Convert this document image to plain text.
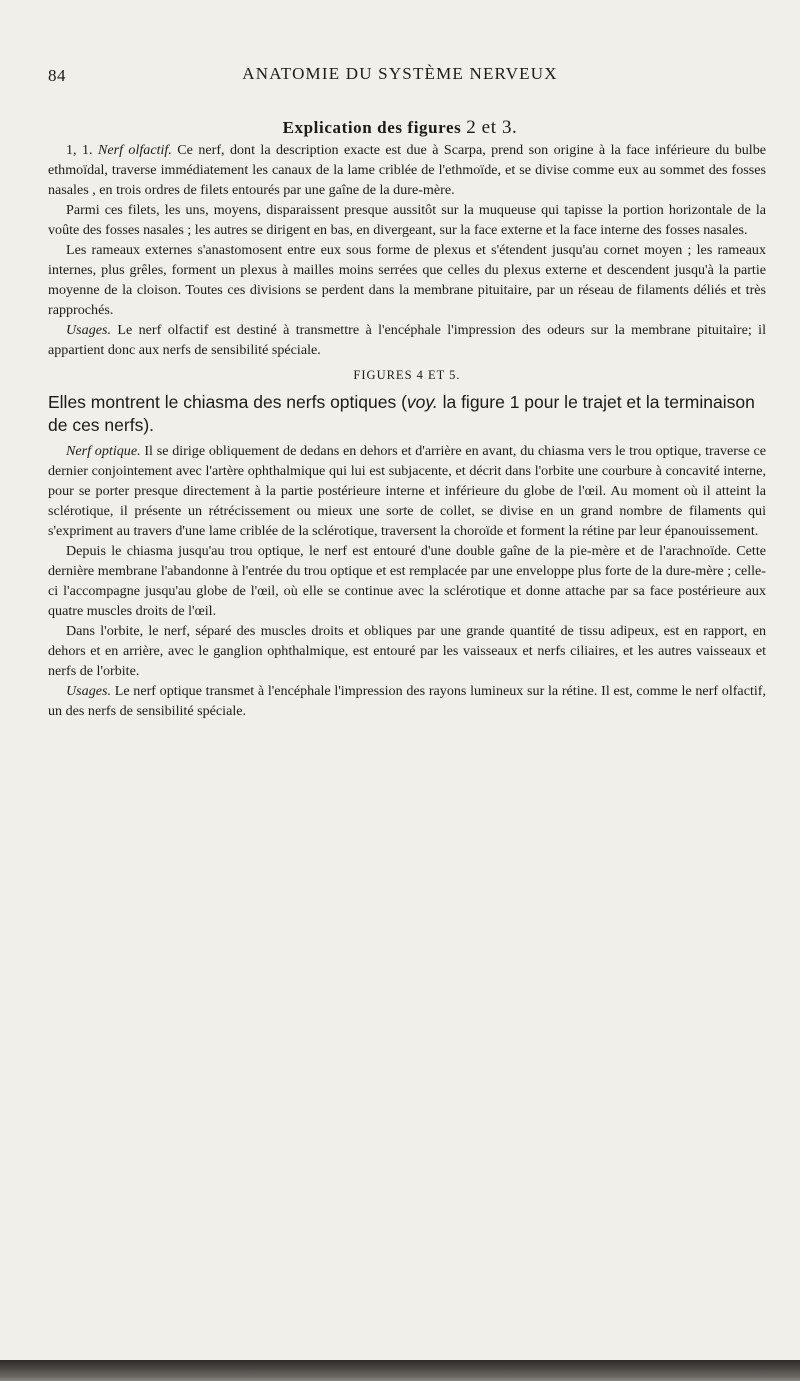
84	ANATOMIE DU SYSTÈME NERVEUX
Explication des figures 2 et 3.

1, 1. Nerf olfactif. Ce nerf, dont la description exacte est due à Scarpa, prend son origine à la face inférieure du bulbe ethmoïdal, traverse immédiatement les canaux de la lame criblée de l'ethmoïde, et se divise comme eux au sommet des fosses nasales , en trois ordres de filets entourés par une gaîne de la dure-mère.

Parmi ces filets, les uns, moyens, disparaissent presque aussitôt sur la muqueuse qui tapisse la portion horizontale de la voûte des fosses nasales ; les autres se dirigent en bas, en divergeant, sur la face externe et la face interne des fosses nasales.

Les rameaux externes s'anastomosent entre eux sous forme de plexus et s'étendent jusqu'au cornet moyen ; les rameaux internes, plus grêles, forment un plexus à mailles moins serrées que celles du plexus externe et descendent jusqu'à la partie moyenne de la cloison. Toutes ces divisions se perdent dans la membrane pituitaire, par un réseau de filaments déliés et très rapprochés.

Usages. Le nerf olfactif est destiné à transmettre à l'encéphale l'impression des odeurs sur la membrane pituitaire; il appartient donc aux nerfs de sensibilité spéciale.

FIGURES 4 ET 5.

Elles montrent le chiasma des nerfs optiques (voy. la figure 1 pour le trajet et la terminaison de ces nerfs).

Nerf optique. Il se dirige obliquement de dedans en dehors et d'arrière en avant, du chiasma vers le trou optique, traverse ce dernier conjointement avec l'artère ophthalmique qui lui est subjacente, et décrit dans l'orbite une courbure à concavité interne, pour se porter presque directement à la partie postérieure interne et inférieure du globe de l'œil. Au moment où il atteint la sclérotique, il présente un rétrécissement ou mieux une sorte de collet, se divise en un grand nombre de filaments qui s'expriment au travers d'une lame criblée de la sclérotique, traversent la choroïde et forment la rétine par leur épanouissement.

Depuis le chiasma jusqu'au trou optique, le nerf est entouré d'une double gaîne de la pie-mère et de l'arachnoïde. Cette dernière membrane l'abandonne à l'entrée du trou optique et est remplacée par une enveloppe plus forte de la dure-mère ; celle-ci l'accompagne jusqu'au globe de l'œil, où elle se continue avec la sclérotique et donne attache par sa face postérieure aux quatre muscles droits de l'œil.

Dans l'orbite, le nerf, séparé des muscles droits et obliques par une grande quantité de tissu adipeux, est en rapport, en dehors et en arrière, avec le ganglion ophthalmique, est entouré par les vaisseaux et nerfs ciliaires, et les autres vaisseaux et nerfs de l'orbite.

Usages. Le nerf optique transmet à l'encéphale l'impression des rayons lumineux sur la rétine. Il est, comme le nerf olfactif, un des nerfs de sensibilité spéciale.
